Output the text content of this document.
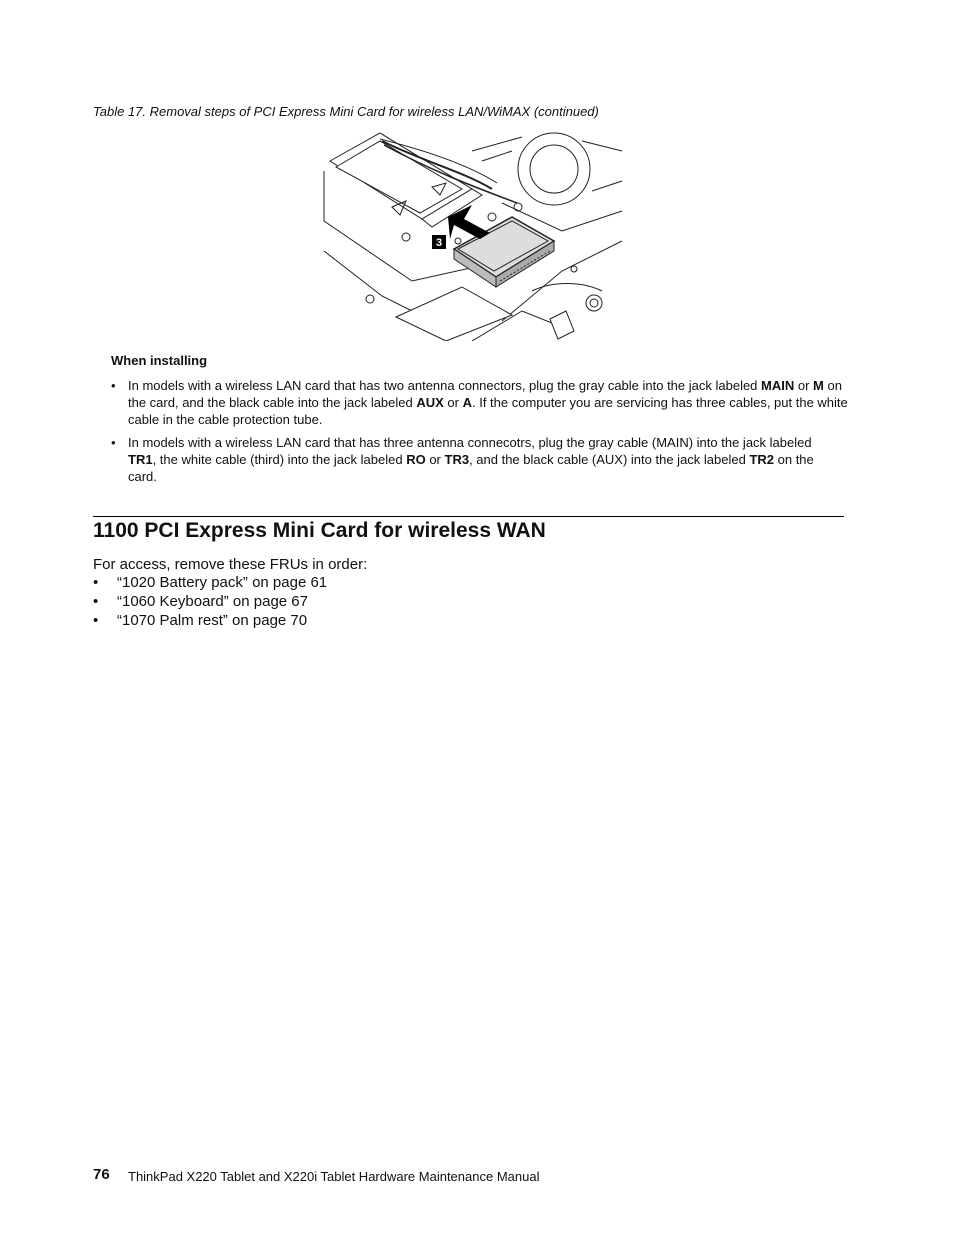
Table 17. Removal steps of PCI Express Mini Card for wireless LAN/WiMAX (continued)
3
When installing
• In models with a wireless LAN card that has two antenna connectors, plug the gray cable into the jack labeled MAIN or M on the card, and the black cable into the jack labeled AUX or A. If the computer you are servicing has three cables, put the white cable in the cable protection tube.
• In models with a wireless LAN card that has three antenna connecotrs, plug the gray cable (MAIN) into the jack labeled TR1, the white cable (third) into the jack labeled RO or TR3, and the black cable (AUX) into the jack labeled TR2 on the card.
1100 PCI Express Mini Card for wireless WAN
For access, remove these FRUs in order:
• “1020 Battery pack” on page 61
• “1060 Keyboard” on page 67
• “1070 Palm rest” on page 70
76 ThinkPad X220 Tablet and X220i Tablet Hardware Maintenance Manual
